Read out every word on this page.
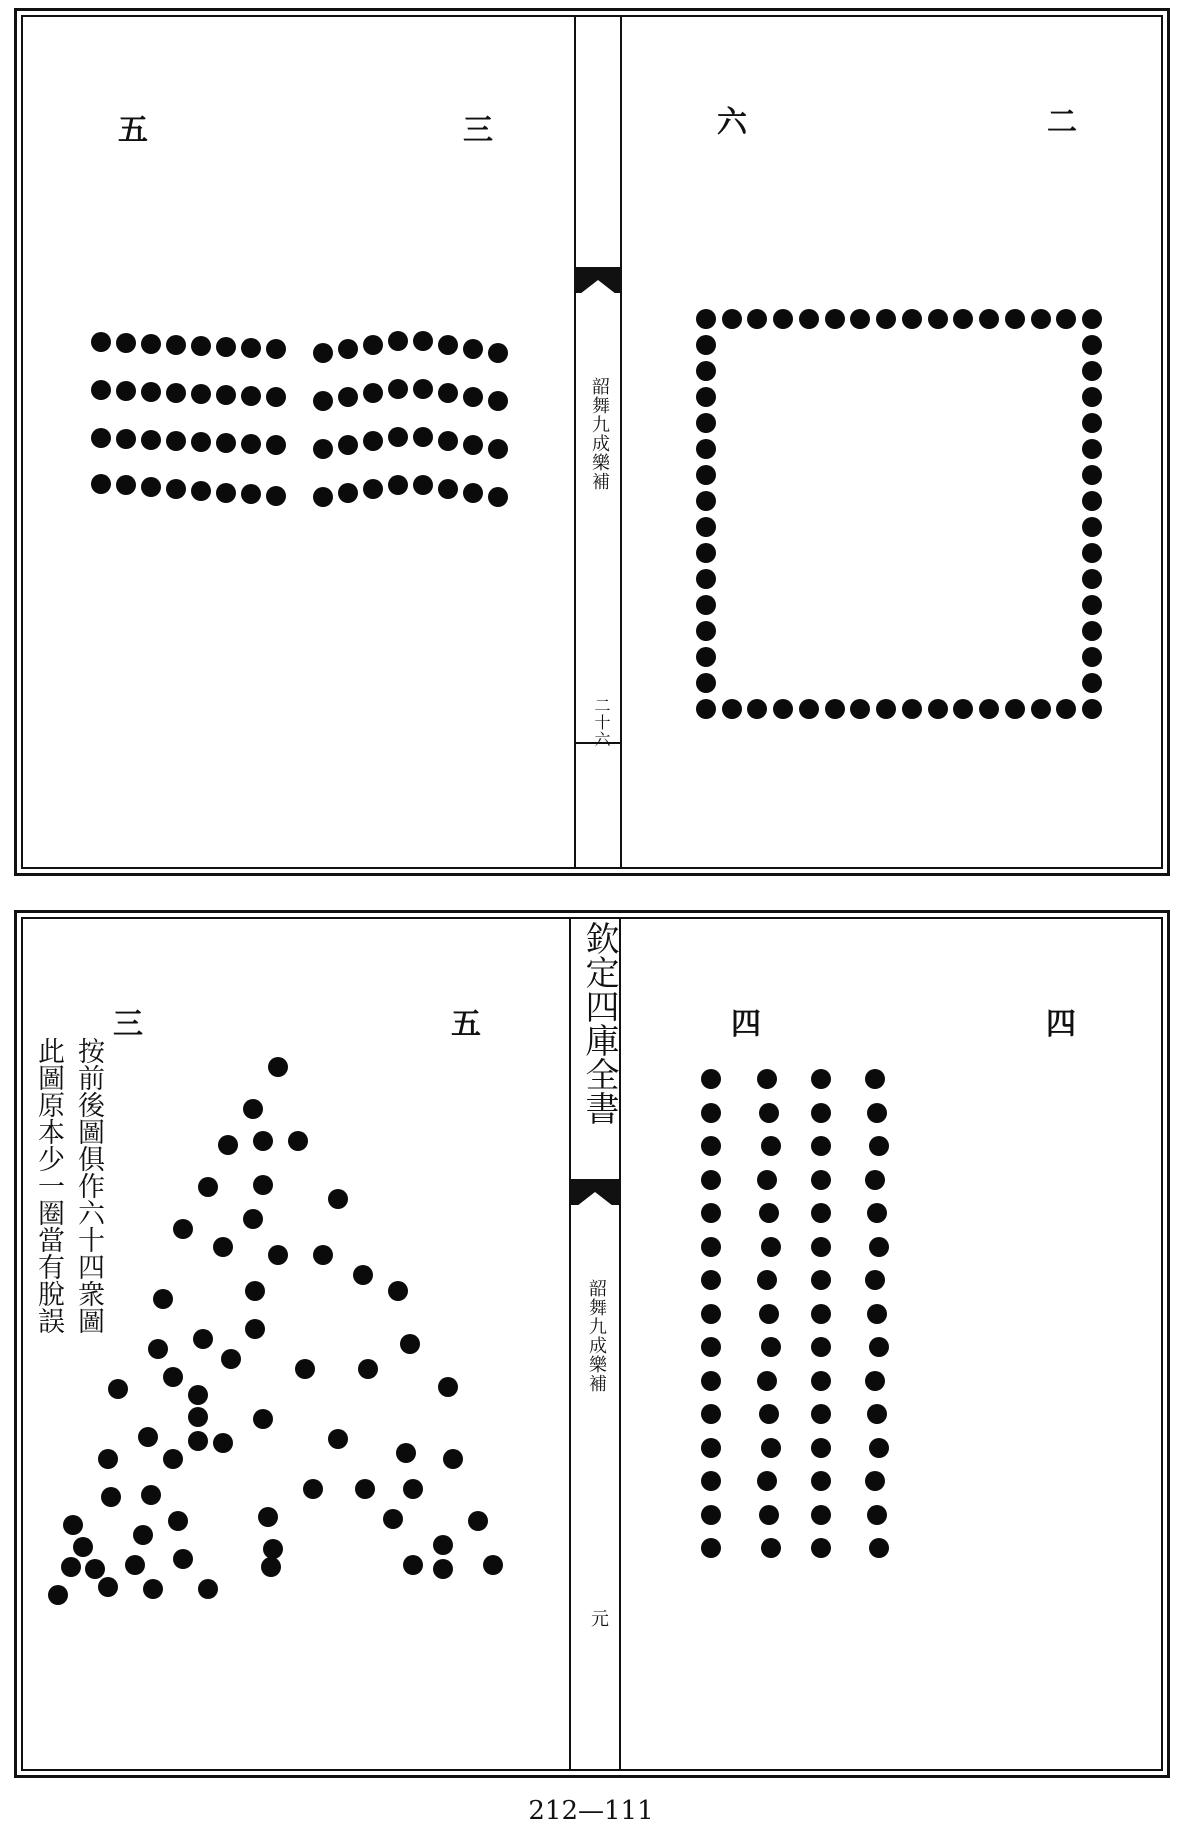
五	三
韶舞九成樂補
二十六
六	二
三	五
按前後圖俱作六十四衆圖
此圖原本少一圈當有脫誤
欽定四庫全書
韶舞九成樂補
元
四	四
212—111
